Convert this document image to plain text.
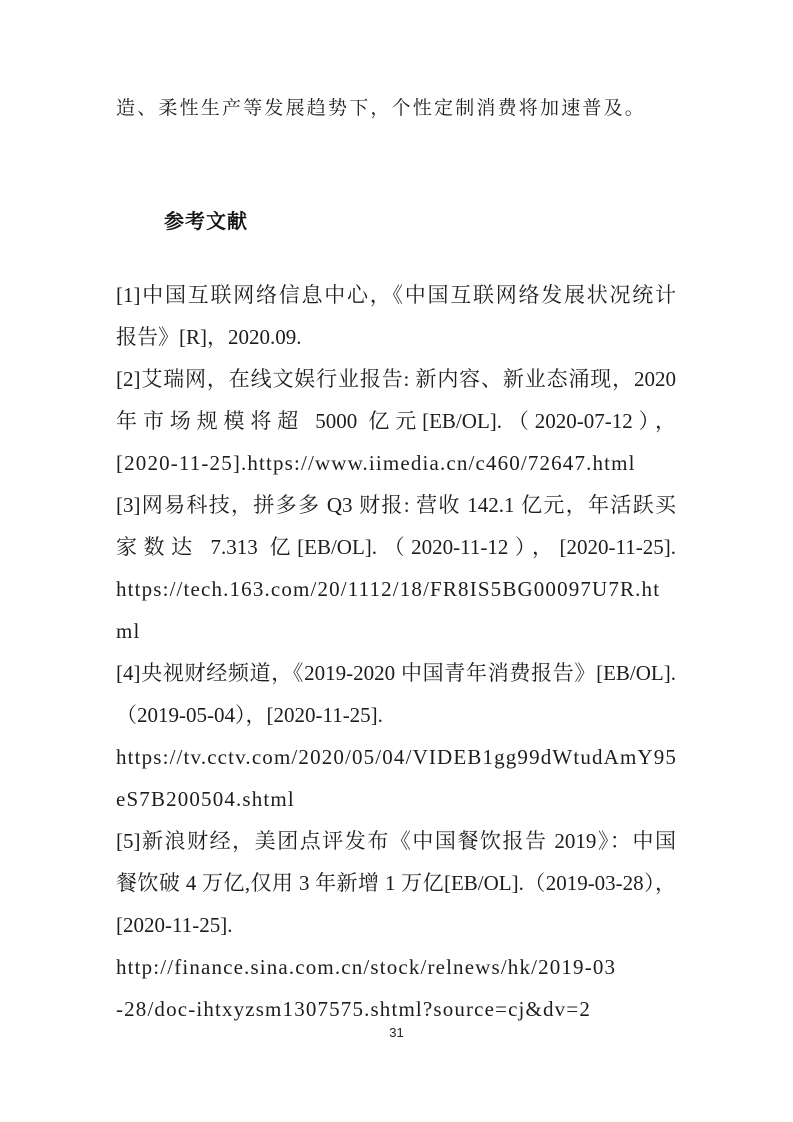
造、柔性生产等发展趋势下，个性定制消费将加速普及。
参考文献
[1]中国互联网络信息中心，《中国互联网络发展状况统计
报告》[R]，2020.09.
[2]艾瑞网，在线文娱行业报告: 新内容、新业态涌现，2020
年市场规模将超 5000 亿元[EB/OL].（2020-07-12），
[2020-11-25].https://www.iimedia.cn/c460/72647.html
[3]网易科技，拼多多 Q3 财报: 营收 142.1 亿元，年活跃买
家数达 7.313 亿[EB/OL].（2020-11-12），[2020-11-25].
https://tech.163.com/20/1112/18/FR8IS5BG00097U7R.ht
ml
[4]央视财经频道，《2019-2020 中国青年消费报告》[EB/OL].
（2019-05-04），[2020-11-25].
https://tv.cctv.com/2020/05/04/VIDEB1gg99dWtudAmY95
eS7B200504.shtml
[5]新浪财经，美团点评发布《中国餐饮报告 2019》：中国
餐饮破 4 万亿,仅用 3 年新增 1 万亿[EB/OL].（2019-03-28），
[2020-11-25].
http://finance.sina.com.cn/stock/relnews/hk/2019-03
-28/doc-ihtxyzsm1307575.shtml?source=cj&dv=2
31
